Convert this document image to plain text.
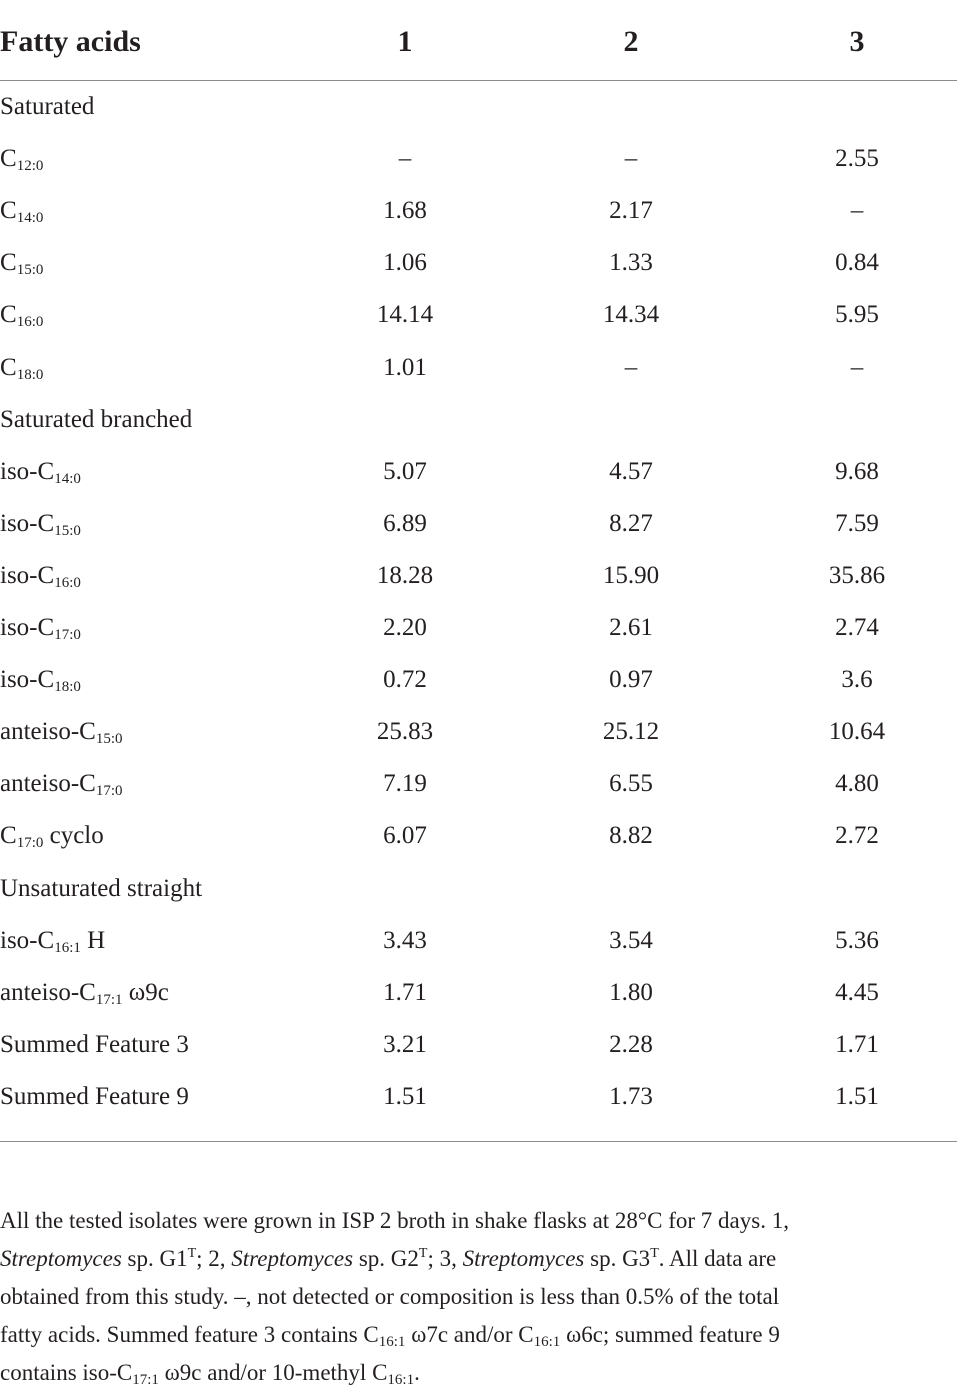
Fatty acids	1	2	3
Saturated
$C_{12:0}$	–	–	2.55
$C_{14:0}$	1.68	2.17	–
$C_{15:0}$	1.06	1.33	0.84
$C_{16:0}$	14.14	14.34	5.95
$C_{18:0}$	1.01	–	–
Saturated branched
iso-$C_{14:0}$	5.07	4.57	9.68
iso-$C_{15:0}$	6.89	8.27	7.59
iso-$C_{16:0}$	18.28	15.90	35.86
iso-$C_{17:0}$	2.20	2.61	2.74
iso-$C_{18:0}$	0.72	0.97	3.6
anteiso-$C_{15:0}$	25.83	25.12	10.64
anteiso-$C_{17:0}$	7.19	6.55	4.80
$C_{17:0}$ cyclo	6.07	8.82	2.72
Unsaturated straight
iso-$C_{16:1}$ H	3.43	3.54	5.36
anteiso-$C_{17:1}$ ω9c	1.71	1.80	4.45
Summed Feature 3	3.21	2.28	1.71
Summed Feature 9	1.51	1.73	1.51
All the tested isolates were grown in ISP 2 broth in shake flasks at 28°C for 7 days. 1,
Streptomyces sp. $G1^T$; 2, Streptomyces sp. $G2^T$; 3, Streptomyces sp. $G3^T$. All data are
obtained from this study. –, not detected or composition is less than 0.5% of the total
fatty acids. Summed feature 3 contains $C_{16:1}$ ω7c and/or $C_{16:1}$ ω6c; summed feature 9
contains iso-$C_{17:1}$ ω9c and/or 10-methyl $C_{16:1}$.
